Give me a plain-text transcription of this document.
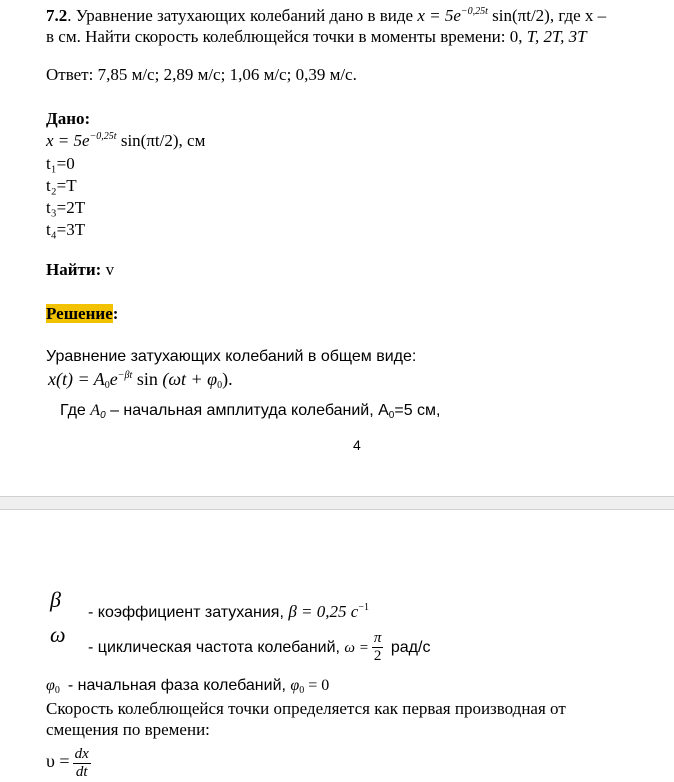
7.2. Уравнение затухающих колебаний дано в виде $x = 5e^{-0,25t}$ sin(πt/2), где x –
в см. Найти скорость колеблющейся точки в моменты времени: 0, T, 2T, 3T
Ответ: 7,85 м/с; 2,89 м/с; 1,06 м/с; 0,39 м/с.
Дано:
$x = 5e^{-0,25t}$ sin(πt/2), см
t₁=0
t₂=T
t₃=2T
t₄=3T
Найти: v
Решение:
Уравнение затухающих колебаний в общем виде:
$x(t) = A_0e^{-\beta t}$ $\sin (\omega t + \varphi_0)$.
Где $A_0$ – начальная амплитуда колебаний, $A_0=5$ см,
4
β
- коэффициент затухания, β = 0,25 $c^{-1}$
ω
- циклическая частота колебаний, $\omega = \frac{\pi}{2} рад/с$
$\varphi_0$ - начальная фаза колебаний, $\varphi_0 = 0$
Скорость колеблющейся точки определяется как первая производная от
смещения по времени:
$\upsilon = \frac{dx}{dt}$
